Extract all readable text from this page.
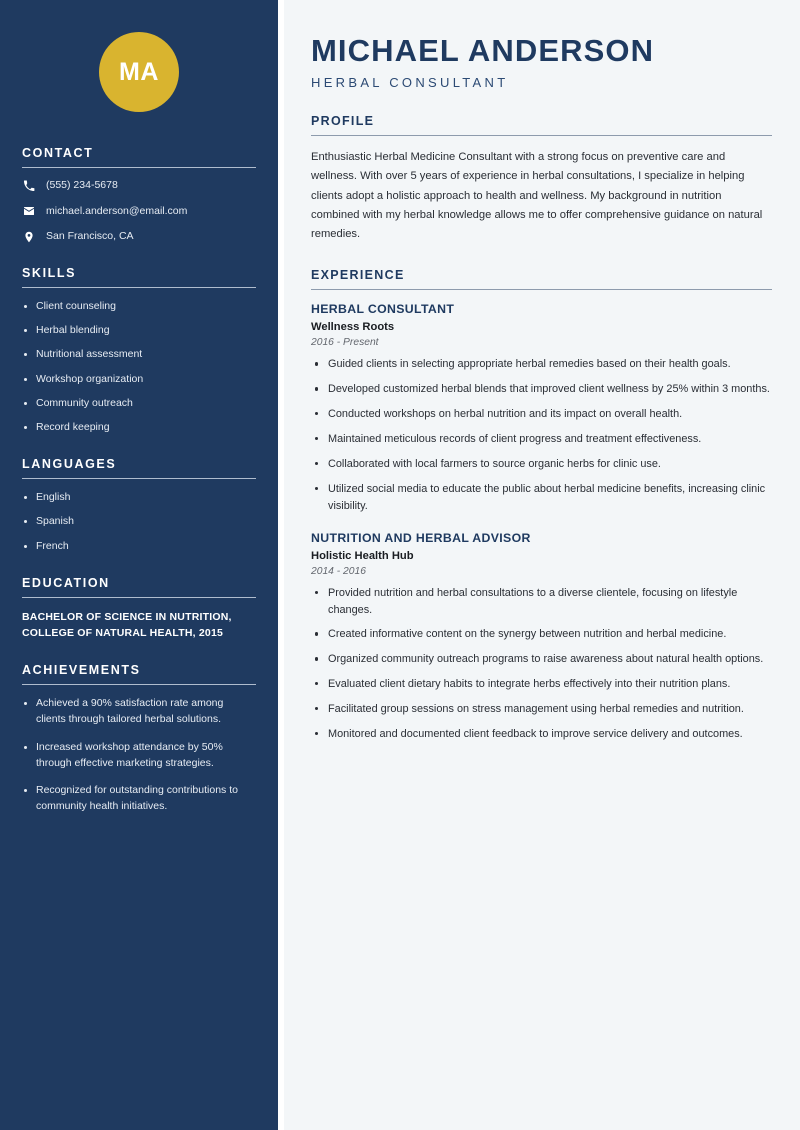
MA
CONTACT
(555) 234-5678
michael.anderson@email.com
San Francisco, CA
SKILLS
Client counseling
Herbal blending
Nutritional assessment
Workshop organization
Community outreach
Record keeping
LANGUAGES
English
Spanish
French
EDUCATION
BACHELOR OF SCIENCE IN NUTRITION, COLLEGE OF NATURAL HEALTH, 2015
ACHIEVEMENTS
Achieved a 90% satisfaction rate among clients through tailored herbal solutions.
Increased workshop attendance by 50% through effective marketing strategies.
Recognized for outstanding contributions to community health initiatives.
MICHAEL ANDERSON
HERBAL CONSULTANT
PROFILE

Enthusiastic Herbal Medicine Consultant with a strong focus on preventive care and wellness. With over 5 years of experience in herbal consultations, I specialize in helping clients adopt a holistic approach to health and wellness. My background in nutrition combined with my herbal knowledge allows me to offer comprehensive guidance on natural remedies.

EXPERIENCE
HERBAL CONSULTANT
Wellness Roots
2016 - Present
Guided clients in selecting appropriate herbal remedies based on their health goals.
Developed customized herbal blends that improved client wellness by 25% within 3 months.
Conducted workshops on herbal nutrition and its impact on overall health.
Maintained meticulous records of client progress and treatment effectiveness.
Collaborated with local farmers to source organic herbs for clinic use.
Utilized social media to educate the public about herbal medicine benefits, increasing clinic visibility.
NUTRITION AND HERBAL ADVISOR
Holistic Health Hub
2014 - 2016
Provided nutrition and herbal consultations to a diverse clientele, focusing on lifestyle changes.
Created informative content on the synergy between nutrition and herbal medicine.
Organized community outreach programs to raise awareness about natural health options.
Evaluated client dietary habits to integrate herbs effectively into their nutrition plans.
Facilitated group sessions on stress management using herbal remedies and nutrition.
Monitored and documented client feedback to improve service delivery and outcomes.
